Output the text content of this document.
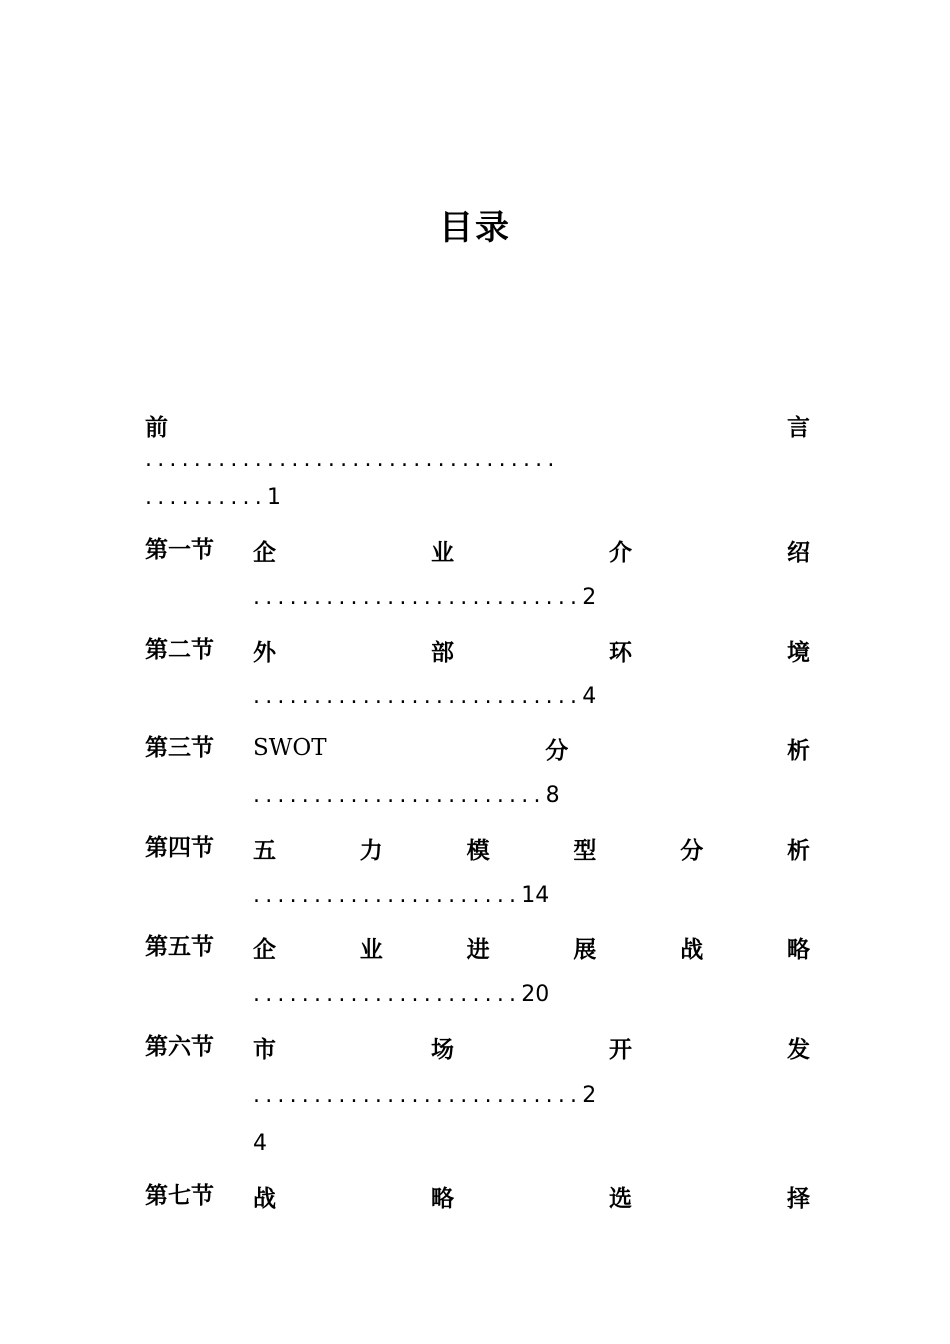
目录
前	言
..................................
..........1
第一节 企	业	介	绍
...........................2
第二节 外	部	环	境
...........................4
第三节 SWOT	分	析
........................8
第四节 五	力	模	型	分	析
......................14
第五节 企	业	进	展	战	略
......................20
第六节 市	场	开	发
...........................2
4
第七节 战	略	选	择
